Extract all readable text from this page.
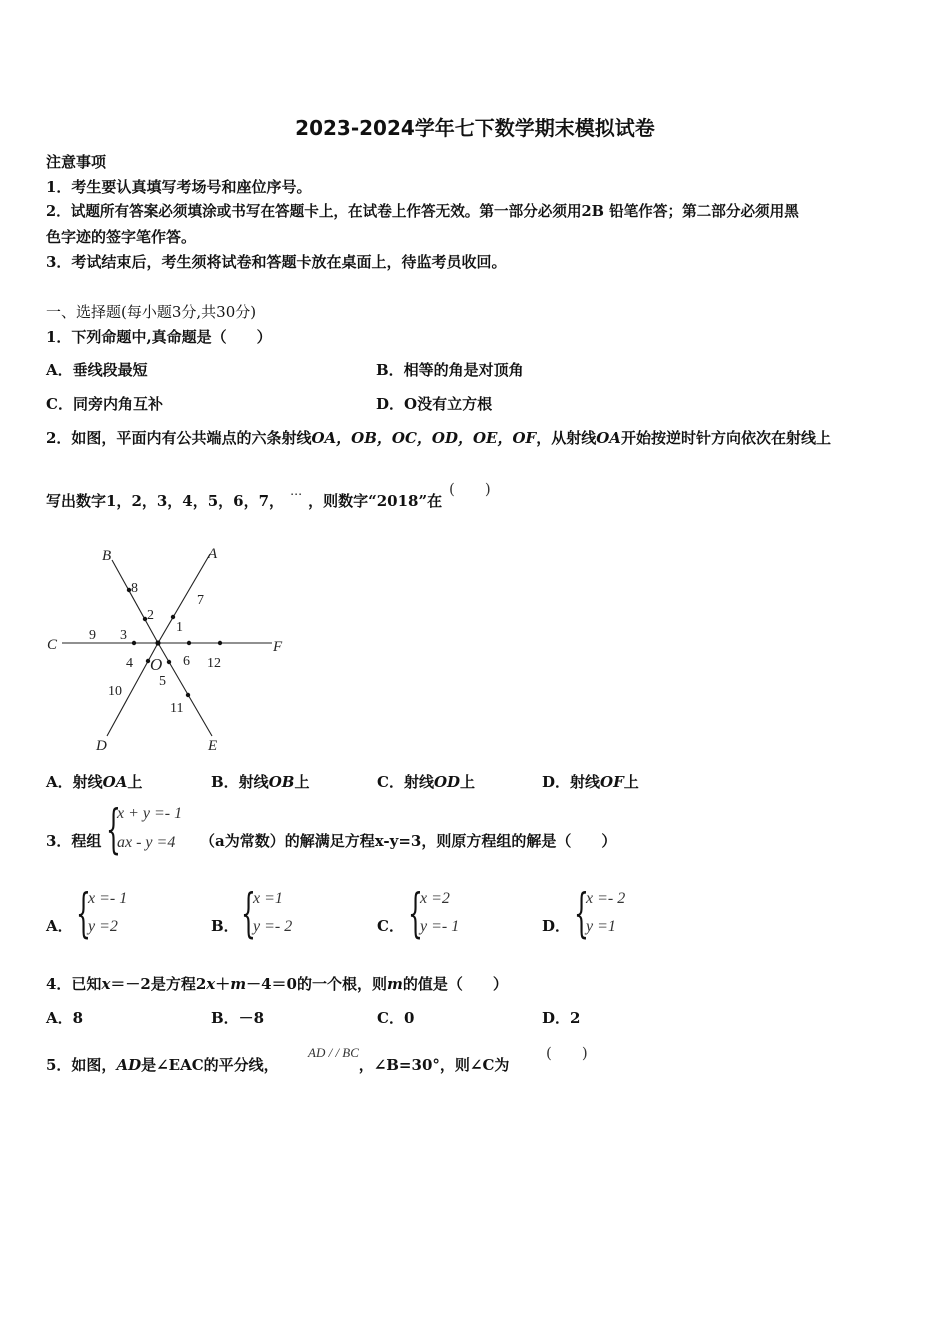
2023-2024学年七下数学期末模拟试卷
注意事项
1．考生要认真填写考场号和座位序号。
2．试题所有答案必须填涂或书写在答题卡上，在试卷上作答无效。第一部分必须用2B 铅笔作答；第二部分必须用黑
色字迹的签字笔作答。
3．考试结束后，考生须将试卷和答题卡放在桌面上，待监考员收回。
一、选择题(每小题3分,共30分)
1．下列命题中,真命题是（　　）
A．垂线段最短	B．相等的角是对顶角
C．同旁内角互补	D．O没有立方根
2．如图，平面内有公共端点的六条射线OA，OB，OC，OD，OE，OF，从射线OA开始按逆时针方向依次在射线上
写出数字1，2，3，4，5，6，7， ⋯ ，则数字“2018”在
(　　)
A
B
C
D	E
F
O
1
2
3
4
5
6
7
8
9
10
11
12
A．射线OA上	B．射线OB上	C．射线OD上	D．射线OF上
3．程组 {
x + y =- 1
ax - y =4 （a为常数）的解满足方程x-y=3，则原方程组的解是（　　）
A． {
x =- 1
y =2	B． {
x =1
y =- 2	C． {
x =2
y =- 1	D． {
x =- 2
y =1
4．已知x＝－2是方程2x＋m－4＝0的一个根，则m的值是（　　）
A．8	B．－8	C．0	D．2
5．如图，AD是∠EAC的平分线，	，∠B=30°，则∠C为
AD / / BC	(　　)
